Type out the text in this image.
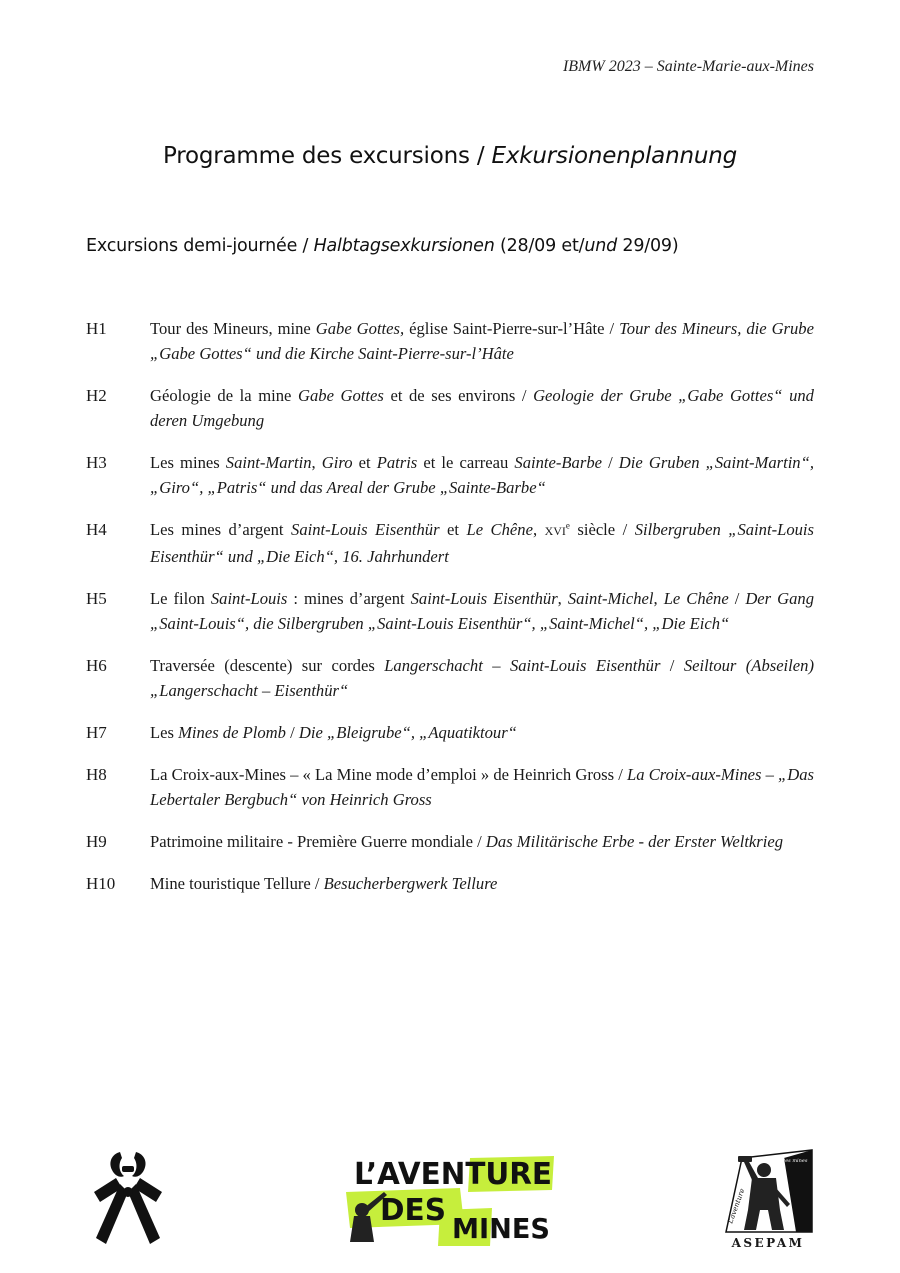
IBMW 2023 – Sainte-Marie-aux-Mines
Programme des excursions / Exkursionenplannung
Excursions demi-journée / Halbtagsexkursionen (28/09 et/und 29/09)
H1	Tour des Mineurs, mine Gabe Gottes, église Saint-Pierre-sur-l’Hâte / Tour des Mineurs, die Grube „Gabe Gottes“ und die Kirche Saint-Pierre-sur-l’Hâte
H2	Géologie de la mine Gabe Gottes et de ses environs / Geologie der Grube „Gabe Gottes“ und deren Umgebung
H3	Les mines Saint-Martin, Giro et Patris et le carreau Sainte-Barbe / Die Gruben „Saint-Martin“, „Giro“, „Patris“ und das Areal der Grube „Sainte-Barbe“
H4	Les mines d’argent Saint-Louis Eisenthür et Le Chêne, XVIe siècle / Silbergruben „Saint-Louis Eisenthür“ und „Die Eich“, 16. Jahrhundert
H5	Le filon Saint-Louis : mines d’argent Saint-Louis Eisenthür, Saint-Michel, Le Chêne / Der Gang „Saint-Louis“, die Silbergruben „Saint-Louis Eisenthür“, „Saint-Michel“, „Die Eich“
H6	Traversée (descente) sur cordes Langerschacht – Saint-Louis Eisenthür / Seiltour (Abseilen) „Langerschacht – Eisenthür“
H7	Les Mines de Plomb / Die „Bleigrube“, „Aquatiktour“
H8	La Croix-aux-Mines – « La Mine mode d’emploi » de Heinrich Gross / La Croix-aux-Mines – „Das Lebertaler Bergbuch“ von Heinrich Gross
H9	Patrimoine militaire - Première Guerre mondiale / Das Militärische Erbe - der Erster Weltkrieg
H10	Mine touristique Tellure / Besucherbergwerk Tellure
L’AVENTURE
DES
MINES
L’aventure
des mines
ASEPAM
